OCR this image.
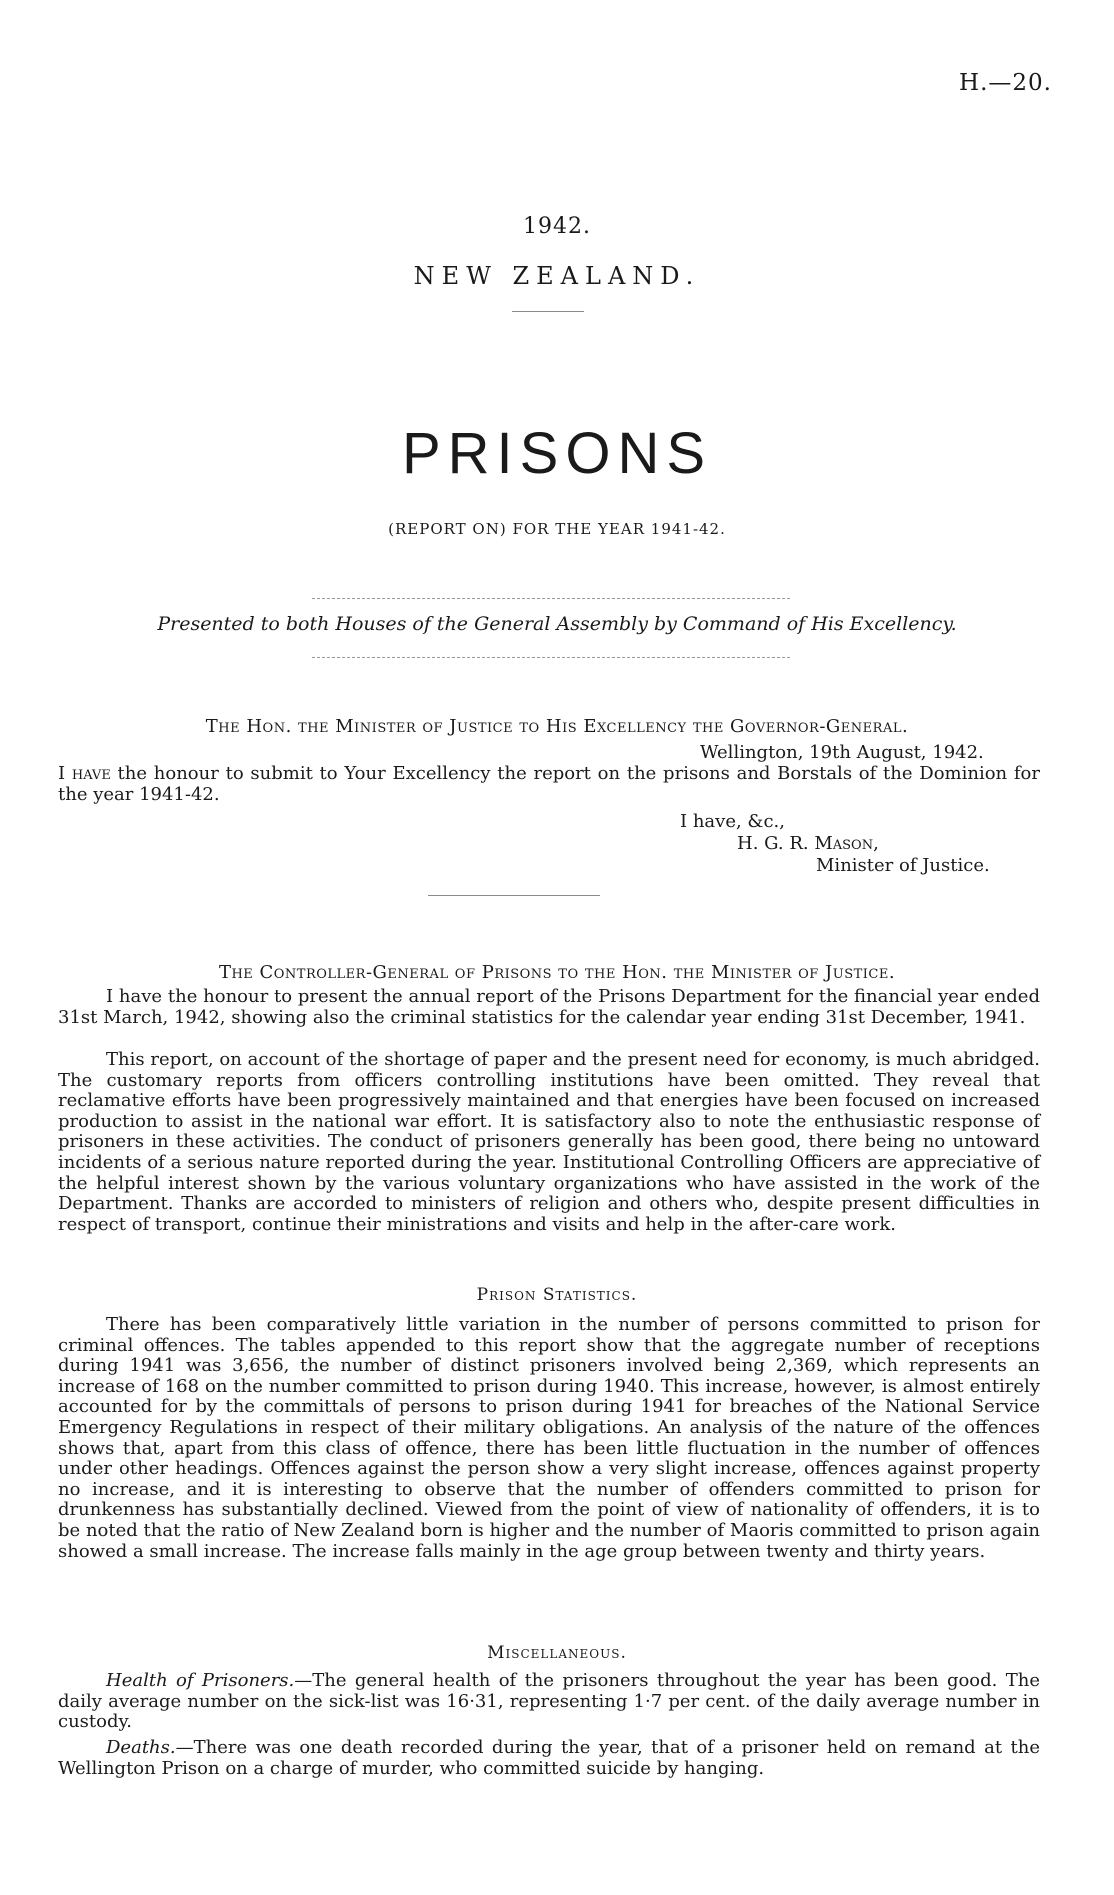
H.—20.
1942.
NEW ZEALAND.
PRISONS
(REPORT ON) FOR THE YEAR 1941-42.
Presented to both Houses of the General Assembly by Command of His Excellency.
The Hon. the Minister of Justice to His Excellency the Governor-General.
Wellington, 19th August, 1942.

I have the honour to submit to Your Excellency the report on the prisons and Borstals of the Dominion for the year 1941-42.

I have, &c.,
H. G. R. Mason,
Minister of Justice.
The Controller-General of Prisons to the Hon. the Minister of Justice.

I have the honour to present the annual report of the Prisons Department for the financial year ended 31st March, 1942, showing also the criminal statistics for the calendar year ending 31st December, 1941.

This report, on account of the shortage of paper and the present need for economy, is much abridged. The customary reports from officers controlling institutions have been omitted. They reveal that reclamative efforts have been progressively maintained and that energies have been focused on increased production to assist in the national war effort. It is satisfactory also to note the enthusiastic response of prisoners in these activities. The conduct of prisoners generally has been good, there being no untoward incidents of a serious nature reported during the year. Institutional Controlling Officers are appreciative of the helpful interest shown by the various voluntary organizations who have assisted in the work of the Department. Thanks are accorded to ministers of religion and others who, despite present difficulties in respect of transport, continue their ministrations and visits and help in the after-care work.

Prison Statistics.

There has been comparatively little variation in the number of persons committed to prison for criminal offences. The tables appended to this report show that the aggregate number of receptions during 1941 was 3,656, the number of distinct prisoners involved being 2,369, which represents an increase of 168 on the number committed to prison during 1940. This increase, however, is almost entirely accounted for by the committals of persons to prison during 1941 for breaches of the National Service Emergency Regulations in respect of their military obligations. An analysis of the nature of the offences shows that, apart from this class of offence, there has been little fluctuation in the number of offences under other headings. Offences against the person show a very slight increase, offences against property no increase, and it is interesting to observe that the number of offenders committed to prison for drunkenness has substantially declined. Viewed from the point of view of nationality of offenders, it is to be noted that the ratio of New Zealand born is higher and the number of Maoris committed to prison again showed a small increase. The increase falls mainly in the age group between twenty and thirty years.

Miscellaneous.

Health of Prisoners.—The general health of the prisoners throughout the year has been good. The daily average number on the sick-list was 16·31, representing 1·7 per cent. of the daily average number in custody.

Deaths.—There was one death recorded during the year, that of a prisoner held on remand at the Wellington Prison on a charge of murder, who committed suicide by hanging.
